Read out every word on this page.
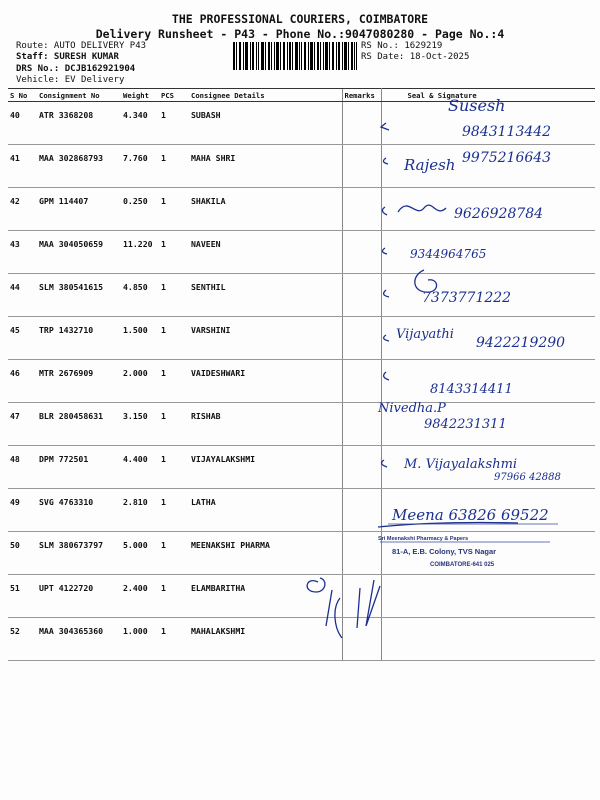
THE PROFESSIONAL COURIERS, COIMBATORE
Delivery Runsheet - P43 - Phone No.:9047080280 - Page No.:4
Route: AUTO DELIVERY P43
Staff: SURESH KUMAR
DRS No.: DCJB162921904
Vehicle: EV Delivery
RS No.: 1629219
RS Date: 18-Oct-2025
S No	Consignment No	Weight	PCS	Consignee Details	Remarks	Seal & Signature
40	ATR 3368208	4.340	1	SUBASH		
41	MAA 302868793	7.760	1	MAHA SHRI		
42	GPM 114407	0.250	1	SHAKILA		
43	MAA 304050659	11.220	1	NAVEEN		
44	SLM 380541615	4.850	1	SENTHIL		
45	TRP 1432710	1.500	1	VARSHINI		
46	MTR 2676909	2.000	1	VAIDESHWARI		
47	BLR 280458631	3.150	1	RISHAB		
48	DPM 772501	4.400	1	VIJAYALAKSHMI		
49	SVG 4763310	2.810	1	LATHA		
50	SLM 380673797	5.000	1	MEENAKSHI PHARMA		
51	UPT 4122720	2.400	1	ELAMBARITHA		
52	MAA 304365360	1.000	1	MAHALAKSHMI		
Susesh
9843113442
Rajesh 9975216643
9626928784
9344964765
7373771222
Vijayathi
9422219290
8143314411
Nivedha.P
9842231311
M. Vijayalakshmi
97966 42888
Meena 63826 69522
Sri Meenakshi Pharmacy & Papers
81-A, E.B. Colony, TVS Nagar
COIMBATORE-641 025
